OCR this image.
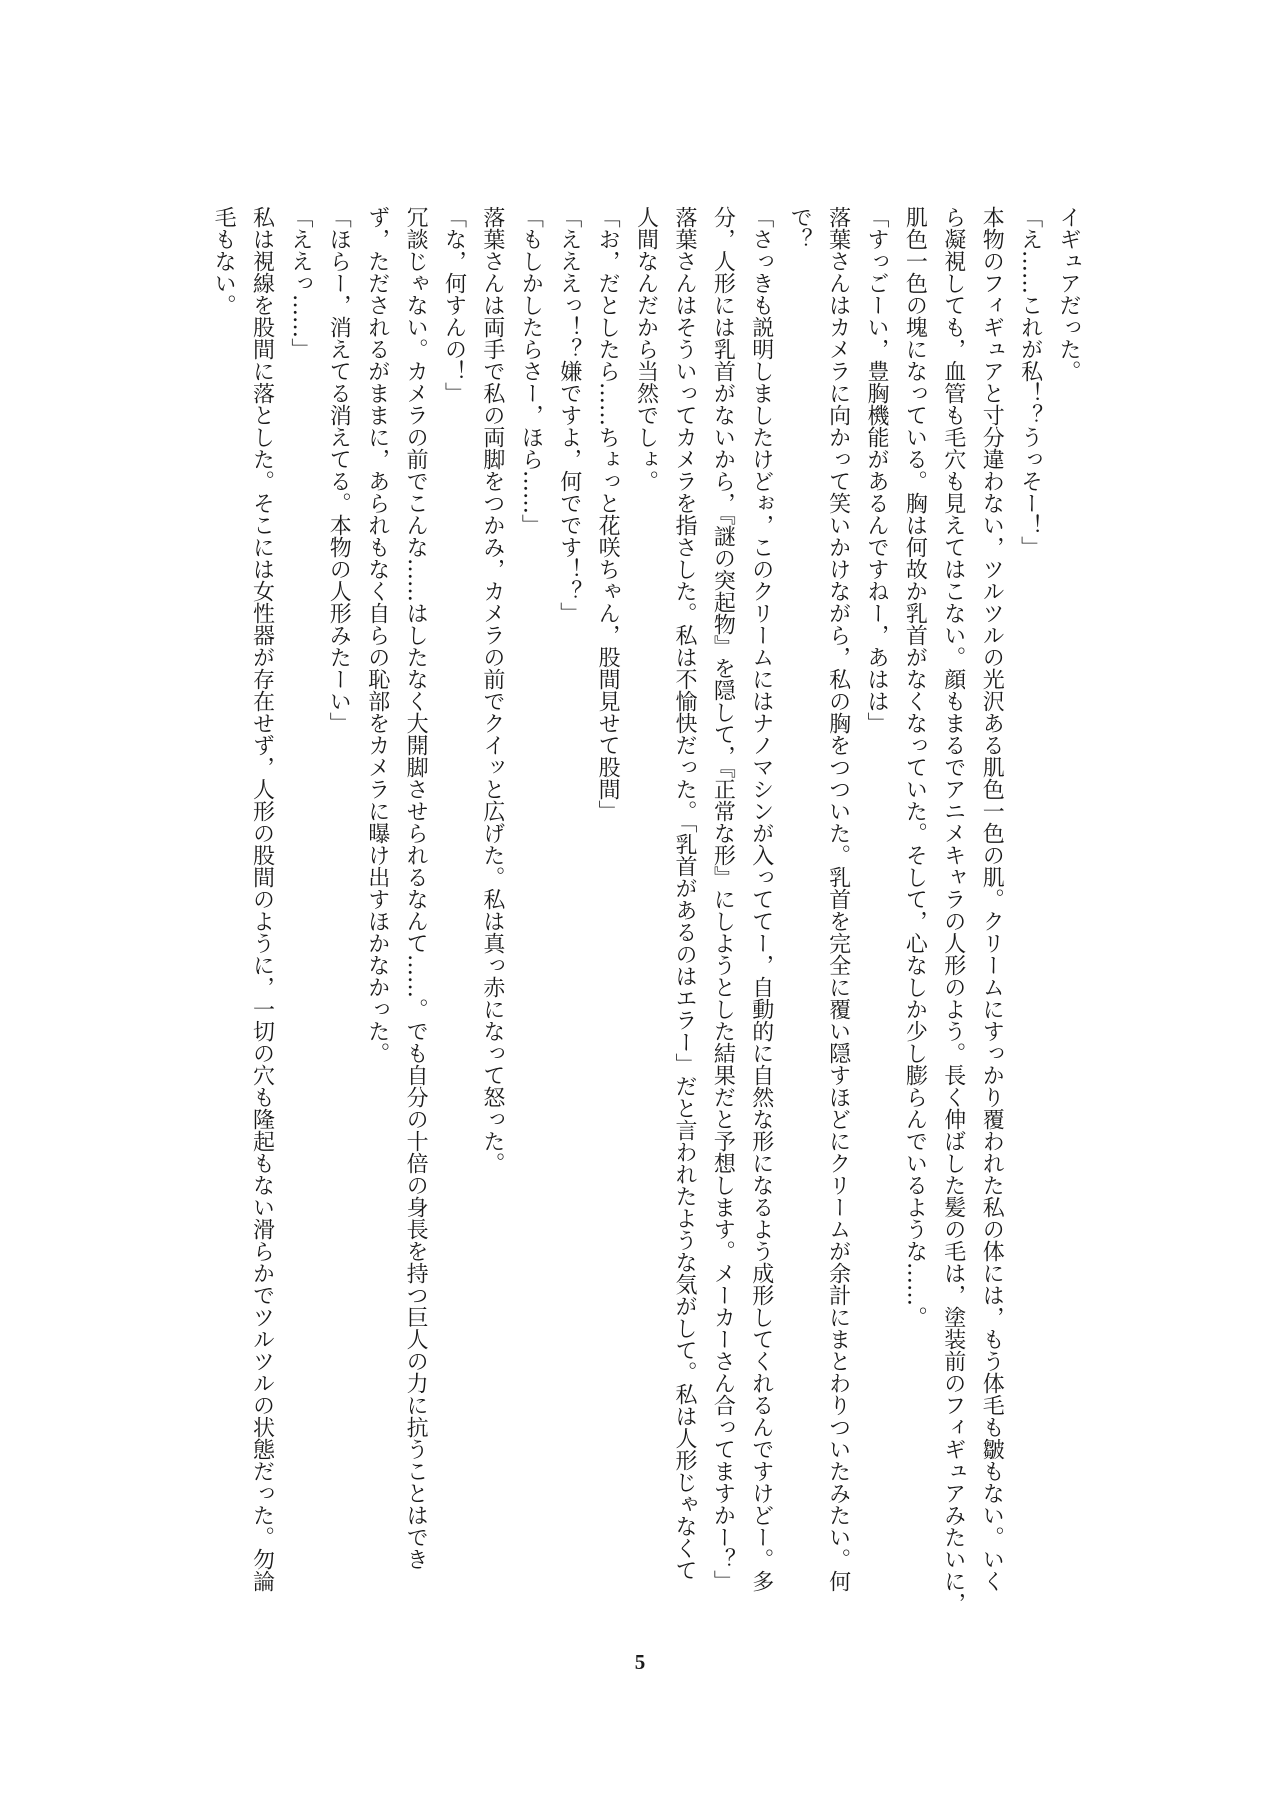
イギュアだった。
「え……これが私！？うっそー！」
本物のフィギュアと寸分違わない，ツルツルの光沢ある肌色一色の肌。クリームにすっかり覆われた私の体には，もう体毛も皺もない。いく
ら凝視しても，血管も毛穴も見えてはこない。顔もまるでアニメキャラの人形のよう。長く伸ばした髪の毛は，塗装前のフィギュアみたいに，
肌色一色の塊になっている。胸は何故か乳首がなくなっていた。そして，心なしか少し膨らんでいるような……。
「すっごーい，豊胸機能があるんですねー，あはは」
落葉さんはカメラに向かって笑いかけながら，私の胸をつついた。乳首を完全に覆い隠すほどにクリームが余計にまとわりついたみたい。何
で？
「さっきも説明しましたけどぉ，このクリームにはナノマシンが入っててー，自動的に自然な形になるよう成形してくれるんですけどー。多
分，人形には乳首がないから，『謎の突起物』を隠して，『正常な形』にしようとした結果だと予想します。メーカーさん合ってますかー？」
落葉さんはそういってカメラを指さした。私は不愉快だった。「乳首があるのはエラー」だと言われたような気がして。私は人形じゃなくて
人間なんだから当然でしょ。
「お，だとしたら……ちょっと花咲ちゃん，股間見せて股間」
「えええっ！？嫌ですよ，何でです！？」
「もしかしたらさー，ほら……」
落葉さんは両手で私の両脚をつかみ，カメラの前でクイッと広げた。私は真っ赤になって怒った。
「な，何すんの！」
冗談じゃない。カメラの前でこんな……はしたなく大開脚させられるなんて……。でも自分の十倍の身長を持つ巨人の力に抗うことはでき
ず，ただされるがままに，あられもなく自らの恥部をカメラに曝け出すほかなかった。
「ほらー，消えてる消えてる。本物の人形みたーい」
「ええっ……」
私は視線を股間に落とした。そこには女性器が存在せず，人形の股間のように，一切の穴も隆起もない滑らかでツルツルの状態だった。勿論
毛もない。
5
